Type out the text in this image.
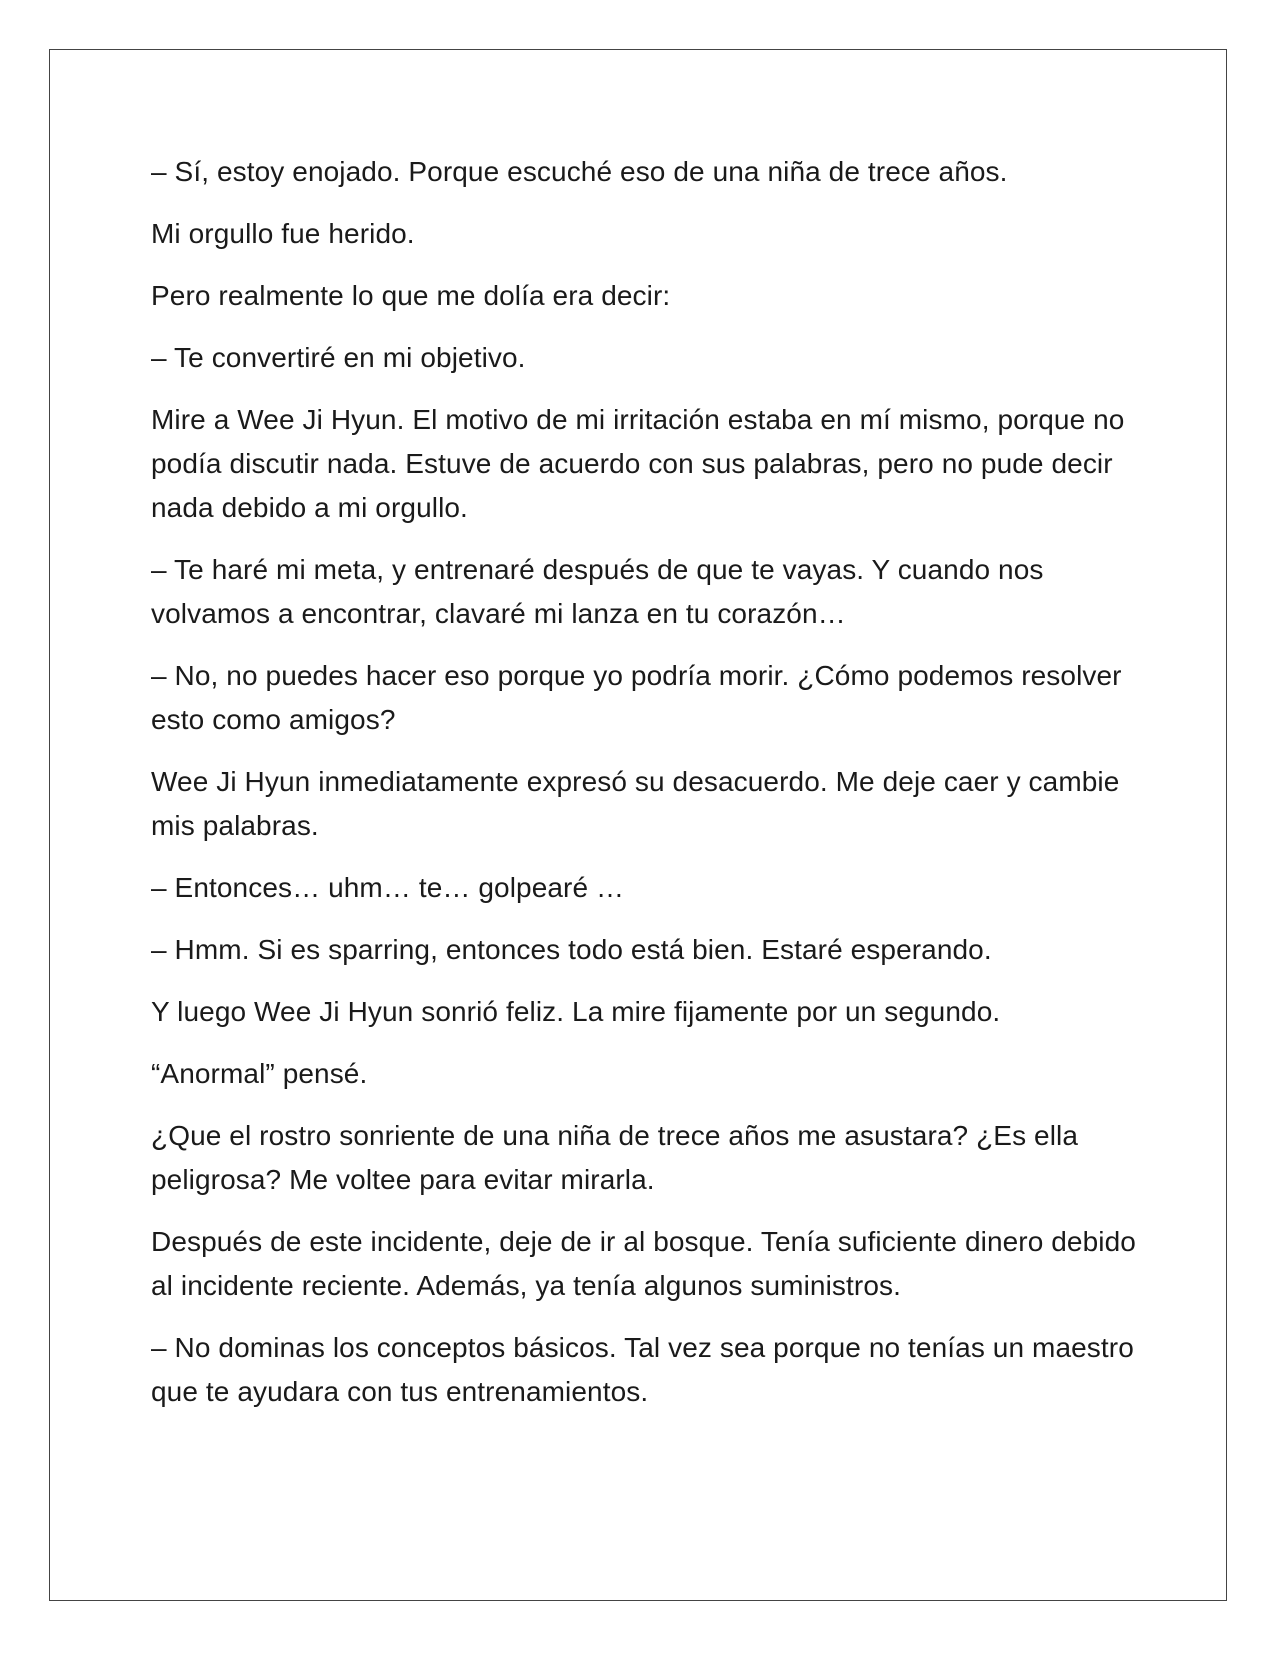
– Sí, estoy enojado. Porque escuché eso de una niña de trece años.

Mi orgullo fue herido.

Pero realmente lo que me dolía era decir:

– Te convertiré en mi objetivo.

Mire a Wee Ji Hyun. El motivo de mi irritación estaba en mí mismo, porque no podía discutir nada. Estuve de acuerdo con sus palabras, pero no pude decir nada debido a mi orgullo.

– Te haré mi meta, y entrenaré después de que te vayas. Y cuando nos volvamos a encontrar, clavaré mi lanza en tu corazón…

– No, no puedes hacer eso porque yo podría morir. ¿Cómo podemos resolver esto como amigos?

Wee Ji Hyun inmediatamente expresó su desacuerdo. Me deje caer y cambie mis palabras.

– Entonces… uhm… te… golpearé …

– Hmm. Si es sparring, entonces todo está bien. Estaré esperando.

Y luego Wee Ji Hyun sonrió feliz. La mire fijamente por un segundo.

“Anormal” pensé.

¿Que el rostro sonriente de una niña de trece años me asustara? ¿Es ella peligrosa? Me voltee para evitar mirarla.

Después de este incidente, deje de ir al bosque. Tenía suficiente dinero debido al incidente reciente. Además, ya tenía algunos suministros.

– No dominas los conceptos básicos. Tal vez sea porque no tenías un maestro que te ayudara con tus entrenamientos.
